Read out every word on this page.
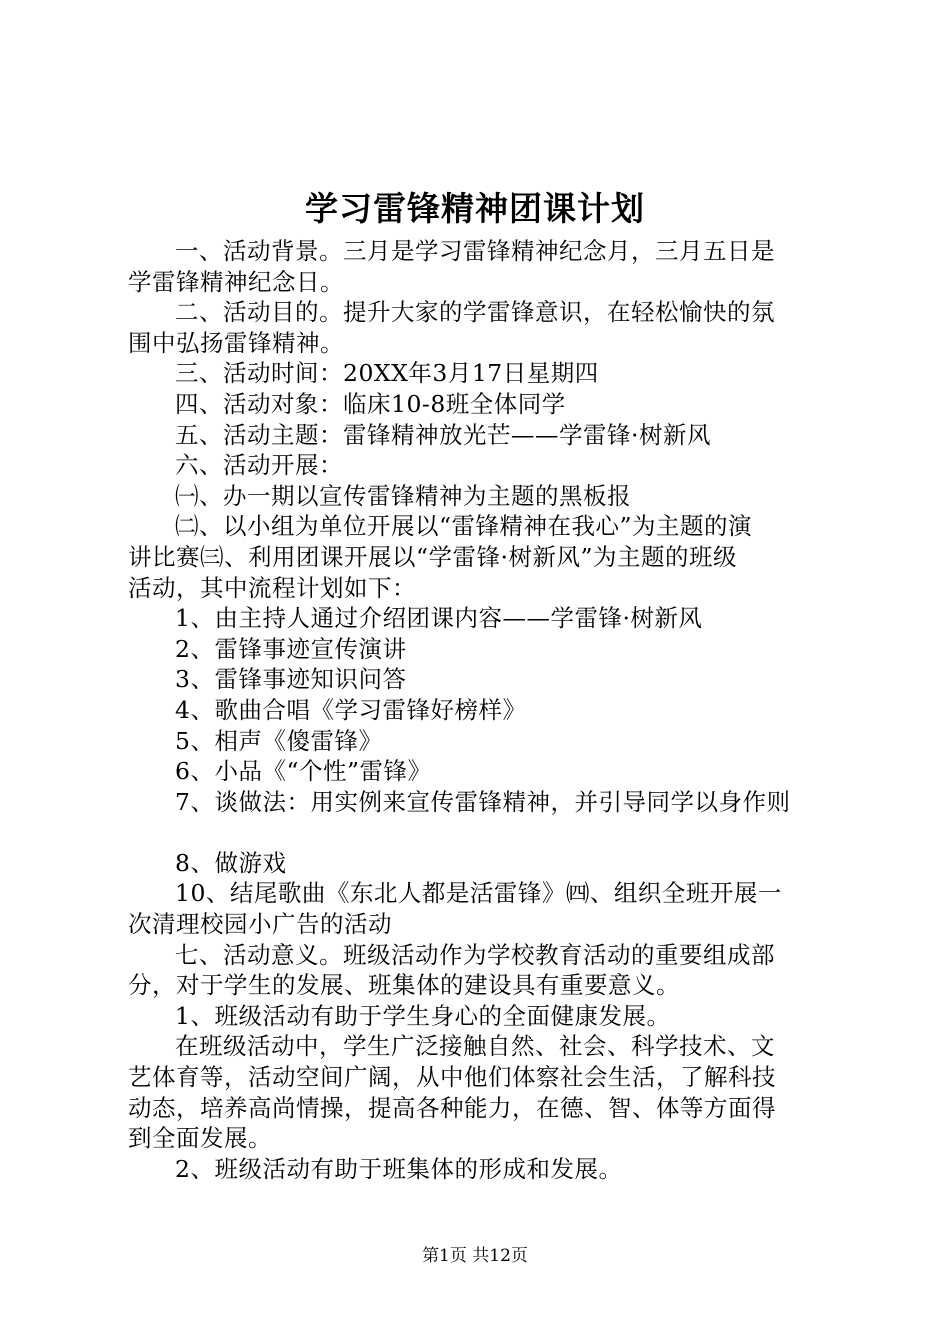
学习雷锋精神团课计划

一、活动背景。三月是学习雷锋精神纪念月，三月五日是

学雷锋精神纪念日。

二、活动目的。提升大家的学雷锋意识，在轻松愉快的氛

围中弘扬雷锋精神。

三、活动时间：20XX年3月17日星期四

四、活动对象：临床10-8班全体同学

五、活动主题：雷锋精神放光芒——学雷锋·树新风

六、活动开展：

㈠、办一期以宣传雷锋精神为主题的黑板报

㈡、以小组为单位开展以“雷锋精神在我心”为主题的演

讲比赛㈢、利用团课开展以“学雷锋·树新风”为主题的班级

活动，其中流程计划如下：

1、由主持人通过介绍团课内容——学雷锋·树新风

2、雷锋事迹宣传演讲

3、雷锋事迹知识问答

4、歌曲合唱《学习雷锋好榜样》

5、相声《傻雷锋》

6、小品《“个性”雷锋》

7、谈做法：用实例来宣传雷锋精神，并引导同学以身作则

8、做游戏

10、结尾歌曲《东北人都是活雷锋》㈣、组织全班开展一

次清理校园小广告的活动

七、活动意义。班级活动作为学校教育活动的重要组成部

分，对于学生的发展、班集体的建设具有重要意义。

1、班级活动有助于学生身心的全面健康发展。

在班级活动中，学生广泛接触自然、社会、科学技术、文

艺体育等，活动空间广阔，从中他们体察社会生活，了解科技

动态，培养高尚情操，提高各种能力，在德、智、体等方面得

到全面发展。

2、班级活动有助于班集体的形成和发展。

第1页 共12页
